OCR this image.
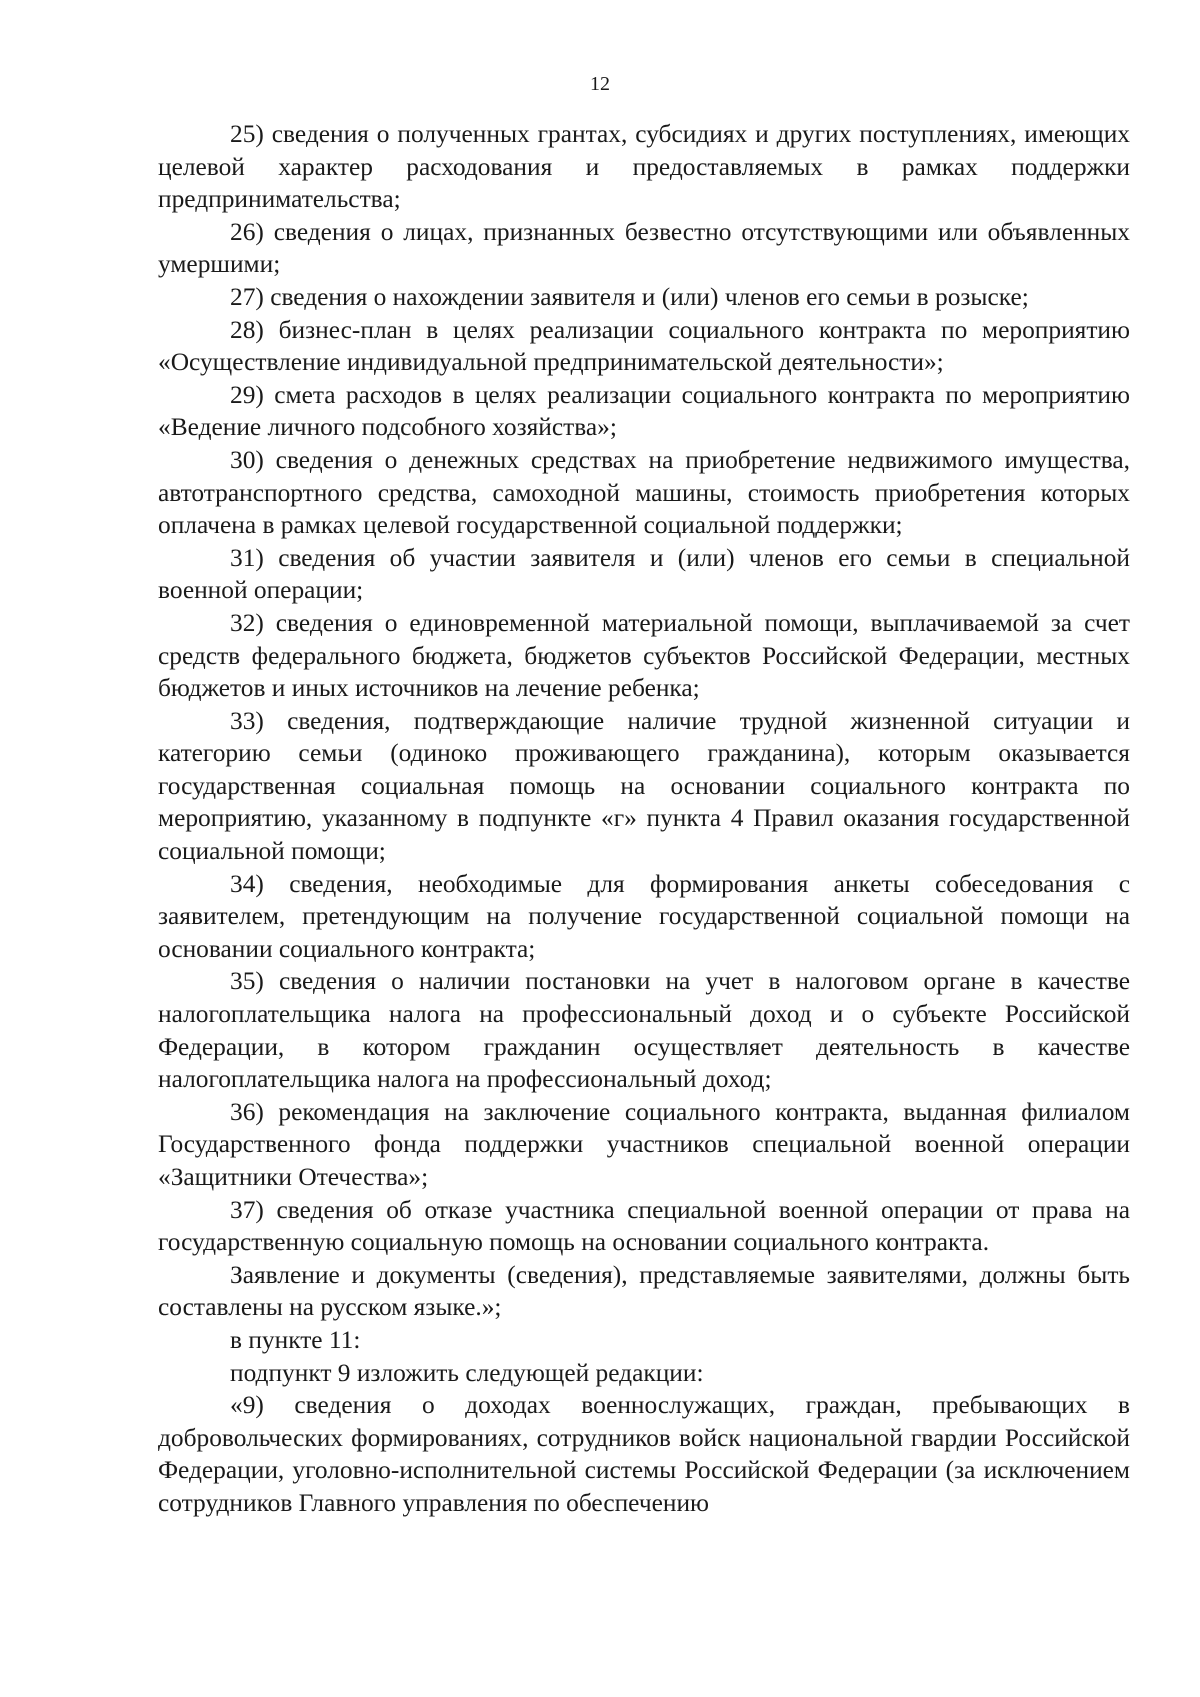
12

25) сведения о полученных грантах, субсидиях и других поступлениях, имеющих целевой характер расходования и предоставляемых в рамках поддержки предпринимательства;

26) сведения о лицах, признанных безвестно отсутствующими или объявленных умершими;

27) сведения о нахождении заявителя и (или) членов его семьи в розыске;

28) бизнес-план в целях реализации социального контракта по мероприятию «Осуществление индивидуальной предпринимательской деятельности»;

29) смета расходов в целях реализации социального контракта по мероприятию «Ведение личного подсобного хозяйства»;

30) сведения о денежных средствах на приобретение недвижимого имущества, автотранспортного средства, самоходной машины, стоимость приобретения которых оплачена в рамках целевой государственной социальной поддержки;

31) сведения об участии заявителя и (или) членов его семьи в специальной военной операции;

32) сведения о единовременной материальной помощи, выплачиваемой за счет средств федерального бюджета, бюджетов субъектов Российской Федерации, местных бюджетов и иных источников на лечение ребенка;

33) сведения, подтверждающие наличие трудной жизненной ситуации и категорию семьи (одиноко проживающего гражданина), которым оказывается государственная социальная помощь на основании социального контракта по мероприятию, указанному в подпункте «г» пункта 4 Правил оказания государственной социальной помощи;

34) сведения, необходимые для формирования анкеты собеседования с заявителем, претендующим на получение государственной социальной помощи на основании социального контракта;

35) сведения о наличии постановки на учет в налоговом органе в качестве налогоплательщика налога на профессиональный доход и о субъекте Российской Федерации, в котором гражданин осуществляет деятельность в качестве налогоплательщика налога на профессиональный доход;

36) рекомендация на заключение социального контракта, выданная филиалом Государственного фонда поддержки участников специальной военной операции «Защитники Отечества»;

37) сведения об отказе участника специальной военной операции от права на государственную социальную помощь на основании социального контракта.

Заявление и документы (сведения), представляемые заявителями, должны быть составлены на русском языке.»;

в пункте 11:

подпункт 9 изложить следующей редакции:

«9) сведения о доходах военнослужащих, граждан, пребывающих в добровольческих формированиях, сотрудников войск национальной гвардии Российской Федерации, уголовно-исполнительной системы Российской Федерации (за исключением сотрудников Главного управления по обеспечению
